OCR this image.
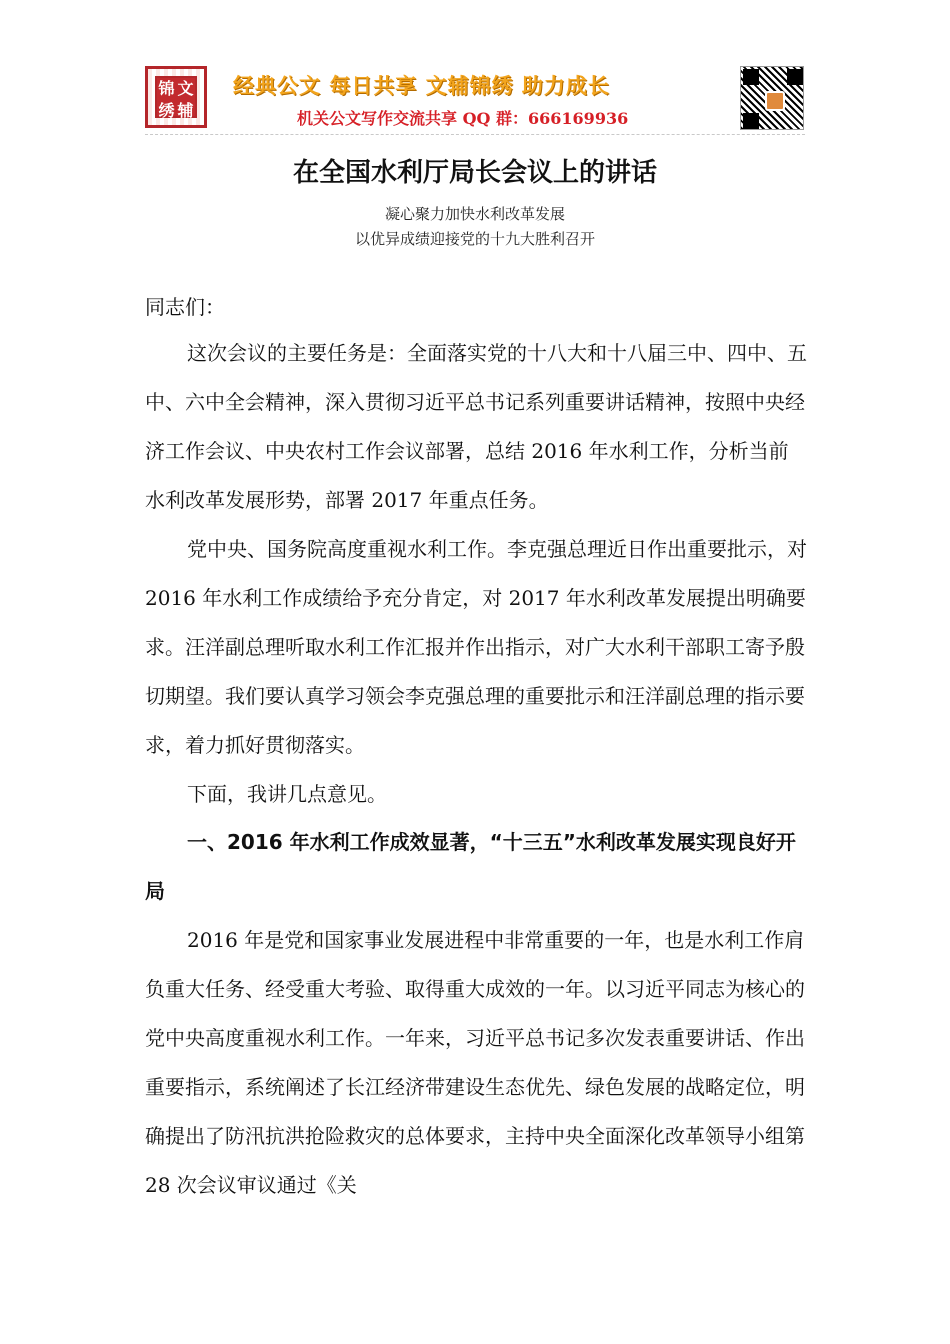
锦 文
绣 辅
经典公文 每日共享 文辅锦绣 助力成长
机关公文写作交流共享 QQ 群：666169936
在全国水利厅局长会议上的讲话
凝心聚力加快水利改革发展
以优异成绩迎接党的十九大胜利召开

同志们：

这次会议的主要任务是：全面落实党的十八大和十八届三中、四中、五中、六中全会精神，深入贯彻习近平总书记系列重要讲话精神，按照中央经济工作会议、中央农村工作会议部署，总结 2016 年水利工作，分析当前水利改革发展形势，部署 2017 年重点任务。

党中央、国务院高度重视水利工作。李克强总理近日作出重要批示，对 2016 年水利工作成绩给予充分肯定，对 2017 年水利改革发展提出明确要求。汪洋副总理听取水利工作汇报并作出指示，对广大水利干部职工寄予殷切期望。我们要认真学习领会李克强总理的重要批示和汪洋副总理的指示要求，着力抓好贯彻落实。

下面，我讲几点意见。

一、2016 年水利工作成效显著，“十三五”水利改革发展实现良好开局

2016 年是党和国家事业发展进程中非常重要的一年，也是水利工作肩负重大任务、经受重大考验、取得重大成效的一年。以习近平同志为核心的党中央高度重视水利工作。一年来，习近平总书记多次发表重要讲话、作出重要指示，系统阐述了长江经济带建设生态优先、绿色发展的战略定位，明确提出了防汛抗洪抢险救灾的总体要求，主持中央全面深化改革领导小组第 28 次会议审议通过《关
